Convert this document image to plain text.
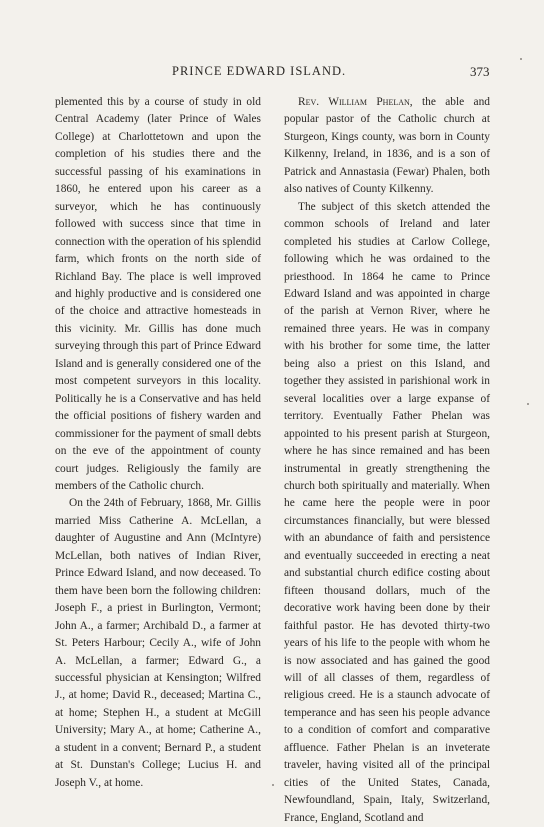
PRINCE EDWARD ISLAND.	373

plemented this by a course of study in old Central Academy (later Prince of Wales College) at Charlottetown and upon the completion of his studies there and the successful passing of his examinations in 1860, he entered upon his career as a surveyor, which he has continuously followed with success since that time in connection with the operation of his splendid farm, which fronts on the north side of Richland Bay. The place is well improved and highly productive and is considered one of the choice and attractive homesteads in this vicinity. Mr. Gillis has done much surveying through this part of Prince Edward Island and is generally considered one of the most competent surveyors in this locality. Politically he is a Conservative and has held the official positions of fishery warden and commissioner for the payment of small debts on the eve of the appointment of county court judges. Religiously the family are members of the Catholic church.

On the 24th of February, 1868, Mr. Gillis married Miss Catherine A. McLellan, a daughter of Augustine and Ann (McIntyre) McLellan, both natives of Indian River, Prince Edward Island, and now deceased. To them have been born the following children: Joseph F., a priest in Burlington, Vermont; John A., a farmer; Archibald D., a farmer at St. Peters Harbour; Cecily A., wife of John A. McLellan, a farmer; Edward G., a successful physician at Kensington; Wilfred J., at home; David R., deceased; Martina C., at home; Stephen H., a student at McGill University; Mary A., at home; Catherine A., a student in a convent; Bernard P., a student at St. Dunstan's College; Lucius H. and Joseph V., at home.

Rev. William Phelan, the able and popular pastor of the Catholic church at Sturgeon, Kings county, was born in County Kilkenny, Ireland, in 1836, and is a son of Patrick and Annastasia (Fewar) Phalen, both also natives of County Kilkenny.

The subject of this sketch attended the common schools of Ireland and later completed his studies at Carlow College, following which he was ordained to the priesthood. In 1864 he came to Prince Edward Island and was appointed in charge of the parish at Vernon River, where he remained three years. He was in company with his brother for some time, the latter being also a priest on this Island, and together they assisted in parishional work in several localities over a large expanse of territory. Eventually Father Phelan was appointed to his present parish at Sturgeon, where he has since remained and has been instrumental in greatly strengthening the church both spiritually and materially. When he came here the people were in poor circumstances financially, but were blessed with an abundance of faith and persistence and eventually succeeded in erecting a neat and substantial church edifice costing about fifteen thousand dollars, much of the decorative work having been done by their faithful pastor. He has devoted thirty-two years of his life to the people with whom he is now associated and has gained the good will of all classes of them, regardless of religious creed. He is a staunch advocate of temperance and has seen his people advance to a condition of comfort and comparative affluence. Father Phelan is an inveterate traveler, having visited all of the principal cities of the United States, Canada, Newfoundland, Spain, Italy, Switzerland, France, England, Scotland and
